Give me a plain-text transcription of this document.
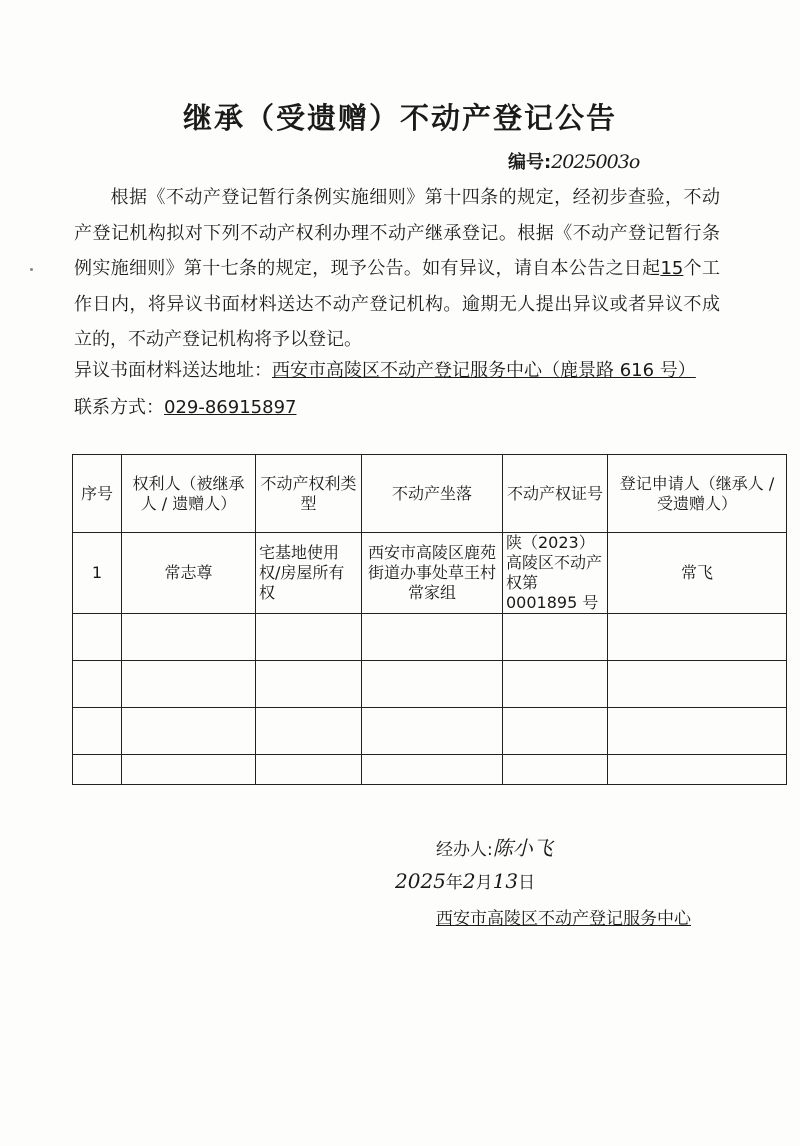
继承（受遗赠）不动产登记公告
编号:2025003o
根据《不动产登记暂行条例实施细则》第十四条的规定，经初步查验，不动产登记机构拟对下列不动产权利办理不动产继承登记。根据《不动产登记暂行条例实施细则》第十七条的规定，现予公告。如有异议，请自本公告之日起15个工作日内，将异议书面材料送达不动产登记机构。逾期无人提出异议或者异议不成立的，不动产登记机构将予以登记。
异议书面材料送达地址：西安市高陵区不动产登记服务中心（鹿景路 616 号）
联系方式：029-86915897
序号	权利人（被继承人 / 遗赠人）	不动产权利类型	不动产坐落	不动产权证号	登记申请人（继承人 / 受遗赠人）
1	常志尊	宅基地使用权/房屋所有权	西安市高陵区鹿苑街道办事处草王村常家组	陕（2023）高陵区不动产权第0001895 号	常飞

经办人:陈小飞
2025年2月13日
西安市高陵区不动产登记服务中心
